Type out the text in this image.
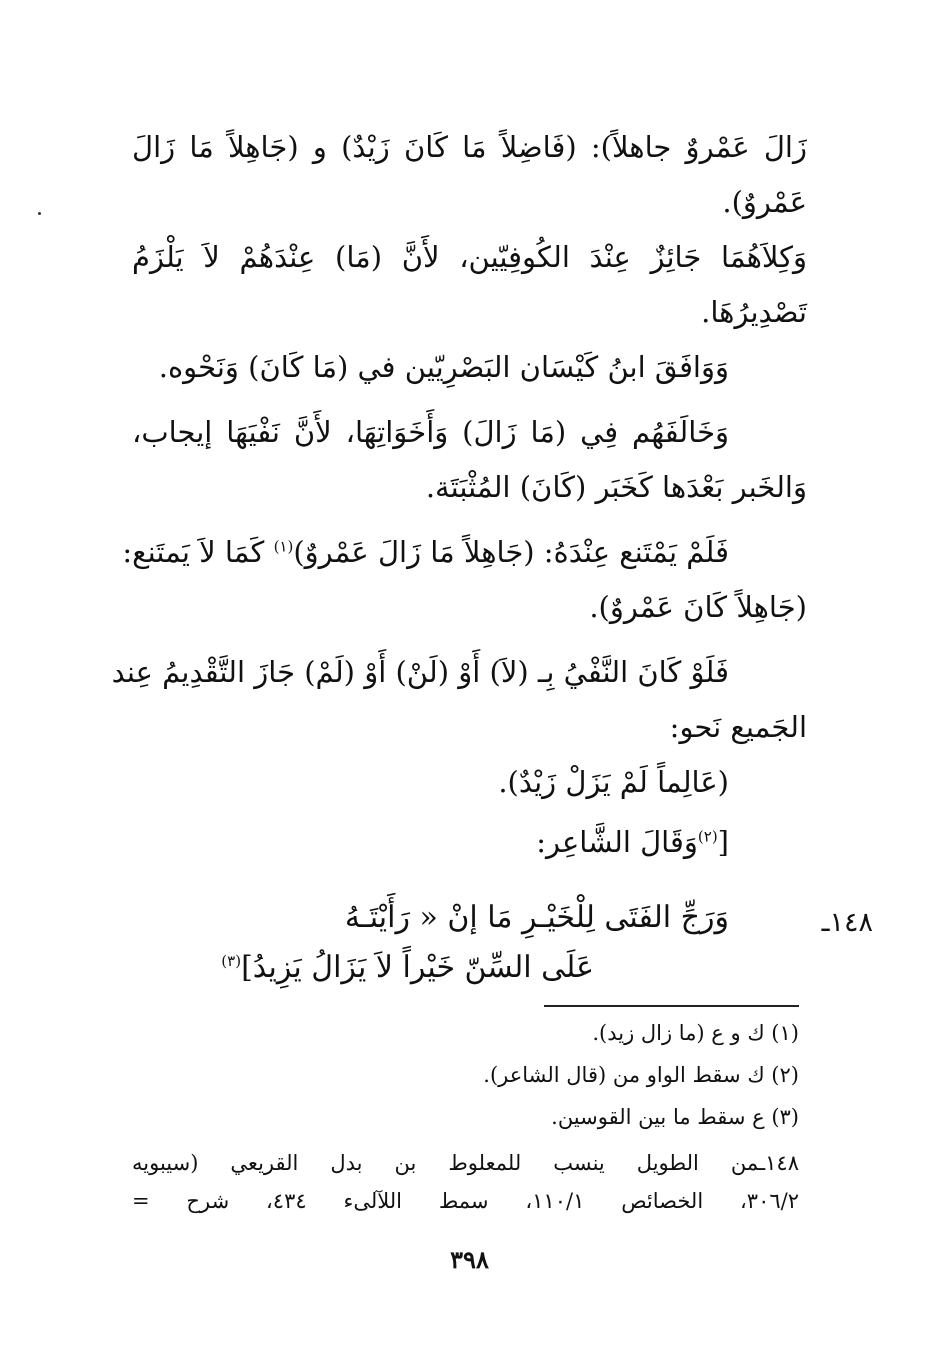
زَالَ عَمْروٌ جاهلاً): (فَاضِلاً مَا كَانَ زَيْدٌ) و (جَاهِلاً مَا زَالَ
عَمْروٌ).
وَكِلاَهُمَا جَائِزٌ عِنْدَ الكُوفِيّين، لأَنَّ (مَا) عِنْدَهُمْ لاَ يَلْزَمُ
تَصْدِيرُهَا.
وَوَافَقَ ابنُ كَيْسَان البَصْرِيّين في (مَا كَانَ) وَنَحْوه.
وَخَالَفَهُم فِي (مَا زَالَ) وَأَخَوَاتِهَا، لأَنَّ نَفْيَهَا إيجاب،
وَالخَبر بَعْدَها كَخَبَر (كَانَ) المُثْبَتَة.
فَلَمْ يَمْتَنع عِنْدَهُ: (جَاهِلاً مَا زَالَ عَمْروٌ)$^{(١)}$ كَمَا لاَ يَمتَنع:
(جَاهِلاً كَانَ عَمْروٌ).
فَلَوْ كَانَ النَّفْيُ بِـ (لاَ) أَوْ (لَنْ) أَوْ (لَمْ) جَازَ التَّقْدِيمُ عِند
الجَميع نَحو:
(عَالِماً لَمْ يَزَلْ زَيْدٌ).
[$^{(٢)}$وَقَالَ الشَّاعِر:
١٤٨ـ
وَرَجِّ الفَتَى لِلْخَيْـرِ مَا إنْ « رَأَيْتَـهُ
عَلَى السِّنّ خَيْراً لاَ يَزَالُ يَزِيدُ]$^{(٣)}$
(١) ك و ع (ما زال زيد).
(٢) ك سقط الواو من (قال الشاعر).
(٣) ع سقط ما بين القوسين.
١٤٨ـمن الطويل ينسب للمعلوط بن بدل القريعي (سيبويه
٣٠٦/٢، الخصائص ١١٠/١، سمط اللآلىء ٤٣٤، شرح =
٣٩٨
